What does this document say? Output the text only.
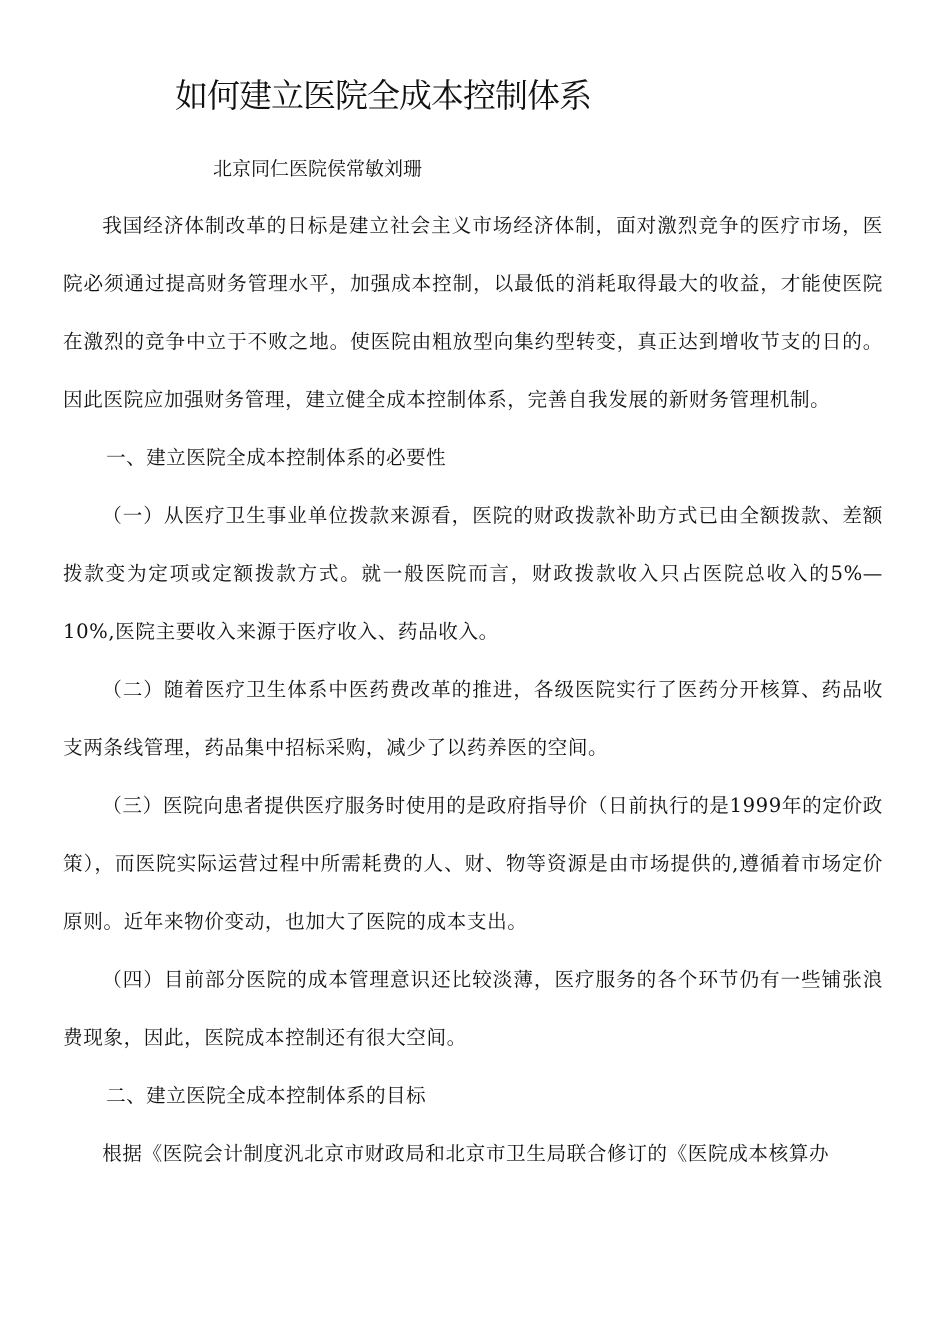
如何建立医院全成本控制体系
北京同仁医院侯常敏刘珊

我国经济体制改革的日标是建立社会主义市场经济体制，面对激烈竞争的医疗市场，医院必须通过提高财务管理水平，加强成本控制，以最低的消耗取得最大的收益，才能使医院在激烈的竞争中立于不败之地。使医院由粗放型向集约型转变，真正达到增收节支的日的。因此医院应加强财务管理，建立健全成本控制体系，完善自我发展的新财务管理机制。

一、建立医院全成本控制体系的必要性

（一）从医疗卫生事业单位拨款来源看，医院的财政拨款补助方式已由全额拨款、差额拨款变为定项或定额拨款方式。就一般医院而言，财政拨款收入只占医院总收入的5%—10%,医院主要收入来源于医疗收入、药品收入。

（二）随着医疗卫生体系中医药费改革的推进，各级医院实行了医药分开核算、药品收支两条线管理，药品集中招标采购，减少了以药养医的空间。

（三）医院向患者提供医疗服务时使用的是政府指导价（日前执行的是1999年的定价政策），而医院实际运营过程中所需耗费的人、财、物等资源是由市场提供的,遵循着市场定价原则。近年来物价变动，也加大了医院的成本支出。

（四）目前部分医院的成本管理意识还比较淡薄，医疗服务的各个环节仍有一些铺张浪费现象，因此，医院成本控制还有很大空间。

二、建立医院全成本控制体系的目标

根据《医院会计制度汎北京市财政局和北京市卫生局联合修订的《医院成本核算办
